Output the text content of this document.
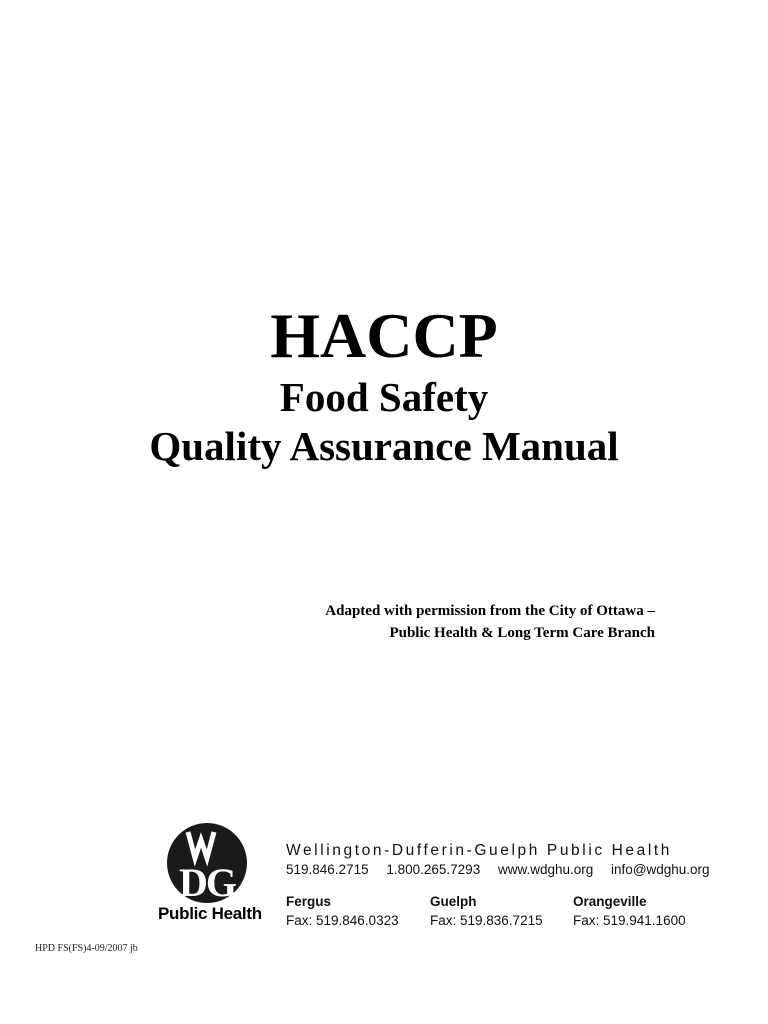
HACCP
Food Safety
Quality Assurance Manual
Adapted with permission from the City of Ottawa –
Public Health & Long Term Care Branch
DG
Public Health
Wellington-Dufferin-Guelph Public Health
519.846.2715 1.800.265.7293 www.wdghu.org info@wdghu.org
Fergus
Fax: 519.846.0323
Guelph
Fax: 519.836.7215
Orangeville
Fax: 519.941.1600
HPD FS(FS)4-09/2007 jb
